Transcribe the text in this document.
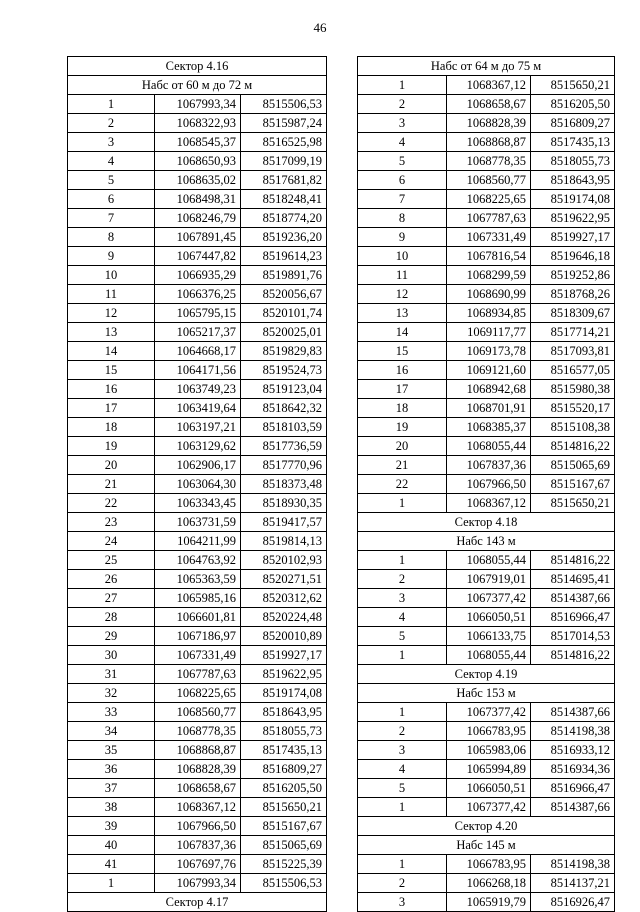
46
Сектор 4.16		
Набс от 60 м до 72 м		
1	1067993,34	8515506,53
2	1068322,93	8515987,24
3	1068545,37	8516525,98
4	1068650,93	8517099,19
5	1068635,02	8517681,82
6	1068498,31	8518248,41
7	1068246,79	8518774,20
8	1067891,45	8519236,20
9	1067447,82	8519614,23
10	1066935,29	8519891,76
11	1066376,25	8520056,67
12	1065795,15	8520101,74
13	1065217,37	8520025,01
14	1064668,17	8519829,83
15	1064171,56	8519524,73
16	1063749,23	8519123,04
17	1063419,64	8518642,32
18	1063197,21	8518103,59
19	1063129,62	8517736,59
20	1062906,17	8517770,96
21	1063064,30	8518373,48
22	1063343,45	8518930,35
23	1063731,59	8519417,57
24	1064211,99	8519814,13
25	1064763,92	8520102,93
26	1065363,59	8520271,51
27	1065985,16	8520312,62
28	1066601,81	8520224,48
29	1067186,97	8520010,89
30	1067331,49	8519927,17
31	1067787,63	8519622,95
32	1068225,65	8519174,08
33	1068560,77	8518643,95
34	1068778,35	8518055,73
35	1068868,87	8517435,13
36	1068828,39	8516809,27
37	1068658,67	8516205,50
38	1068367,12	8515650,21
39	1067966,50	8515167,67
40	1067837,36	8515065,69
41	1067697,76	8515225,39
1	1067993,34	8515506,53
Сектор 4.17		
Набс от 64 м до 75 м		
1	1068367,12	8515650,21
2	1068658,67	8516205,50
3	1068828,39	8516809,27
4	1068868,87	8517435,13
5	1068778,35	8518055,73
6	1068560,77	8518643,95
7	1068225,65	8519174,08
8	1067787,63	8519622,95
9	1067331,49	8519927,17
10	1067816,54	8519646,18
11	1068299,59	8519252,86
12	1068690,99	8518768,26
13	1068934,85	8518309,67
14	1069117,77	8517714,21
15	1069173,78	8517093,81
16	1069121,60	8516577,05
17	1068942,68	8515980,38
18	1068701,91	8515520,17
19	1068385,37	8515108,38
20	1068055,44	8514816,22
21	1067837,36	8515065,69
22	1067966,50	8515167,67
1	1068367,12	8515650,21
Сектор 4.18		
Набс 143 м		
1	1068055,44	8514816,22
2	1067919,01	8514695,41
3	1067377,42	8514387,66
4	1066050,51	8516966,47
5	1066133,75	8517014,53
1	1068055,44	8514816,22
Сектор 4.19		
Набс 153 м		
1	1067377,42	8514387,66
2	1066783,95	8514198,38
3	1065983,06	8516933,12
4	1065994,89	8516934,36
5	1066050,51	8516966,47
1	1067377,42	8514387,66
Сектор 4.20		
Набс 145 м		
1	1066783,95	8514198,38
2	1066268,18	8514137,21
3	1065919,79	8516926,47
